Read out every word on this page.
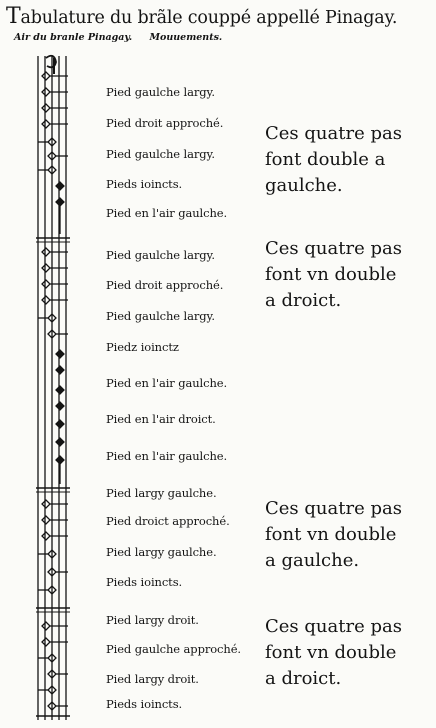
Tabulature du brãle couppé appellé Pinagay.
Air du branle Pinagay. Mouuements.
Pied gaulche largy.
Pied droit approché.
Pied gaulche largy.
Pieds ioincts.
Pied en l'air gaulche.
Ces quatre pas
font double a
gaulche.
Pied gaulche largy.
Pied droit approché.
Pied gaulche largy.
Piedz ioinctz
Pied en l'air gaulche.
Pied en l'air droict.
Pied en l'air gaulche.
Ces quatre pas
font vn double
a droict.
Pied largy gaulche.
Pied droict approché.
Pied largy gaulche.
Pieds ioincts.
Ces quatre pas
font vn double
a gaulche.
Pied largy droit.
Pied gaulche approché.
Pied largy droit.
Pieds ioincts.
Ces quatre pas
font vn double
a droict.
